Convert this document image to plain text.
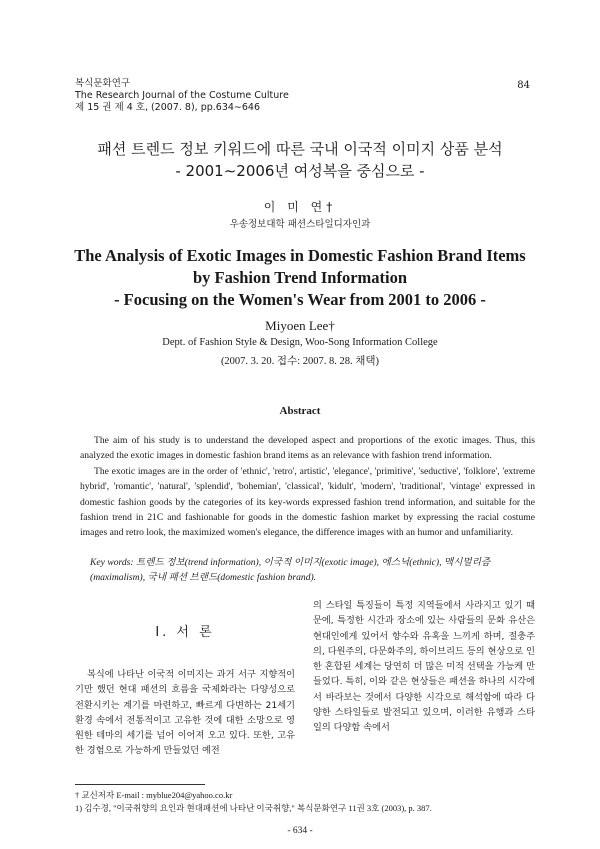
복식문화연구
The Research Journal of the Costume Culture
제 15 권 제 4 호, (2007. 8), pp.634∼646
84
패션 트렌드 정보 키워드에 따른 국내 이국적 이미지 상품 분석
- 2001∼2006년 여성복을 중심으로 -
이 미 연†
우송정보대학 패션스타일디자인과
The Analysis of Exotic Images in Domestic Fashion Brand Items
by Fashion Trend Information
- Focusing on the Women's Wear from 2001 to 2006 -
Miyoen Lee†
Dept. of Fashion Style & Design, Woo-Song Information College
(2007. 3. 20. 접수: 2007. 8. 28. 채택)
Abstract

The aim of his study is to understand the developed aspect and proportions of the exotic images. Thus, this analyzed the exotic images in domestic fashion brand items as an relevance with fashion trend information.

The exotic images are in the order of 'ethnic', 'retro', artistic', 'elegance', 'primitive', 'seductive', 'folklore', 'extreme hybrid', 'romantic', 'natural', 'splendid', 'bohemian', 'classical', 'kidult', 'modern', 'traditional', 'vintage' expressed in domestic fashion goods by the categories of its key-words expressed fashion trend information, and suitable for the fashion trend in 21C and fashionable for goods in the domestic fashion market by expressing the racial costume images and retro look, the maximized women's elegance, the difference images with an humor and unfamiliarity.

Key words: 트렌드 정보(trend information), 이국적 이미지(exotic image), 에스닉(ethnic), 맥시멀리즘(maximalism), 국내 패션 브랜드(domestic fashion brand).
I. 서 론

복식에 나타난 이국적 이미지는 과거 서구 지향적이기만 했던 현대 패션의 흐름을 국제화라는 다양성으로 전환시키는 계기를 마련하고, 빠르게 다변하는 21세기 환경 속에서 전통적이고 고유한 것에 대한 소망으로 영원한 테마의 세기를 넘어 이어져 오고 있다. 또한, 고유한 경험으로 가능하게 만들었던 예전

의 스타일 특징들이 특정 지역들에서 사라지고 있기 때문에, 특정한 시간과 장소에 있는 사람들의 문화 유산은 현대인에게 있어서 향수와 유혹을 느끼게 하며, 절충주의, 다원주의, 다문화주의, 하이브리드 등의 현상으로 인한 혼합된 세계는 당연히 더 많은 미적 선택을 가능케 만들었다. 특히, 이와 같은 현상들은 패션을 하나의 시각에서 바라보는 것에서 다양한 시각으로 해석함에 따라 다양한 스타일들로 발전되고 있으며, 이러한 유행과 스타일의 다양함 속에서

† 교신저자 E-mail : myblue204@yahoo.co.kr
1) 김수경, "이국취향의 요인과 현대패션에 나타난 이국취향," 복식문화연구 11권 3호 (2003), p. 387.
- 634 -
